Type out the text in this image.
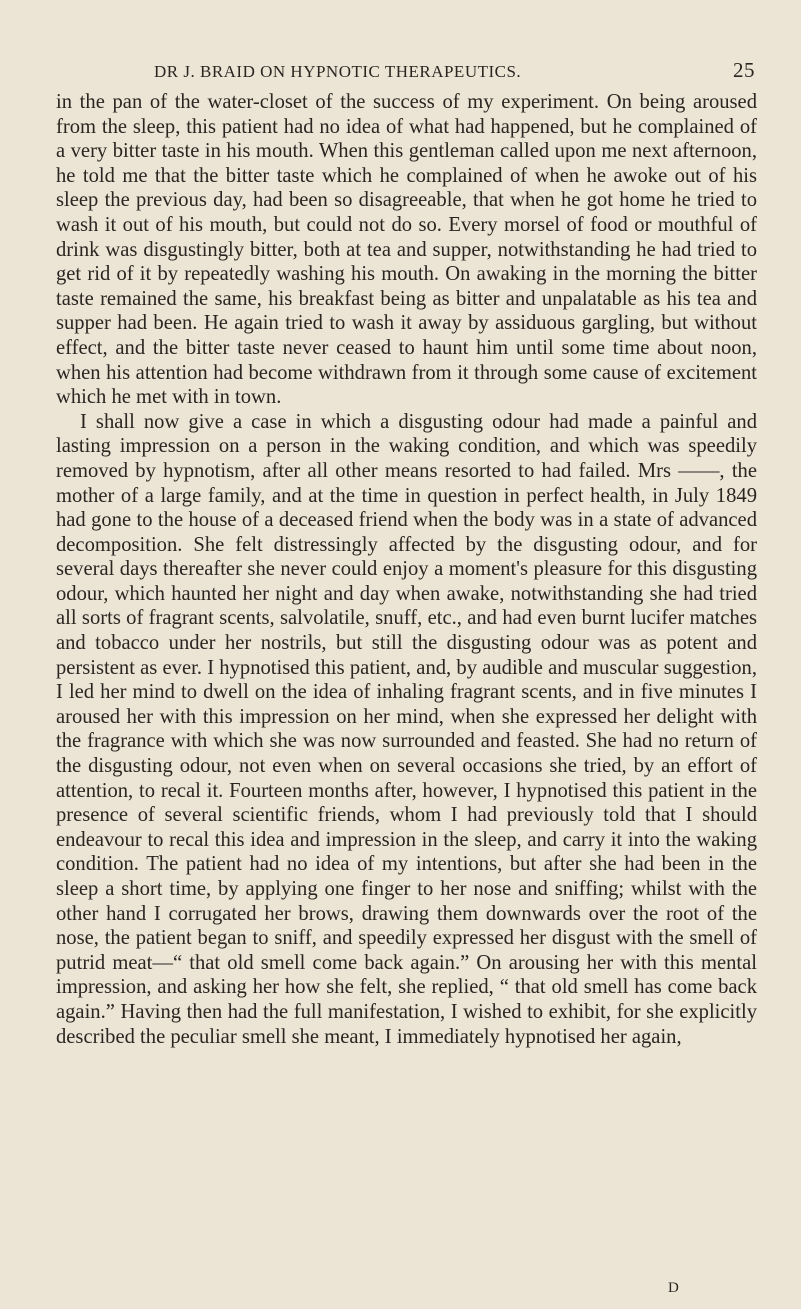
DR J. BRAID ON HYPNOTIC THERAPEUTICS.	25

in the pan of the water-closet of the success of my experiment. On being aroused from the sleep, this patient had no idea of what had happened, but he complained of a very bitter taste in his mouth. When this gentleman called upon me next afternoon, he told me that the bitter taste which he complained of when he awoke out of his sleep the previous day, had been so disagreeable, that when he got home he tried to wash it out of his mouth, but could not do so. Every morsel of food or mouthful of drink was disgustingly bitter, both at tea and supper, notwithstanding he had tried to get rid of it by repeatedly washing his mouth. On awaking in the morning the bitter taste remained the same, his breakfast being as bitter and unpalatable as his tea and supper had been. He again tried to wash it away by assiduous gargling, but without effect, and the bitter taste never ceased to haunt him until some time about noon, when his attention had become withdrawn from it through some cause of excitement which he met with in town.

I shall now give a case in which a disgusting odour had made a painful and lasting impression on a person in the waking condition, and which was speedily removed by hypnotism, after all other means resorted to had failed. Mrs ——, the mother of a large family, and at the time in question in perfect health, in July 1849 had gone to the house of a deceased friend when the body was in a state of advanced decomposition. She felt distressingly affected by the disgusting odour, and for several days thereafter she never could enjoy a moment's pleasure for this disgusting odour, which haunted her night and day when awake, notwithstanding she had tried all sorts of fragrant scents, salvolatile, snuff, etc., and had even burnt lucifer matches and tobacco under her nostrils, but still the disgusting odour was as potent and persistent as ever. I hypnotised this patient, and, by audible and muscular suggestion, I led her mind to dwell on the idea of inhaling fragrant scents, and in five minutes I aroused her with this impression on her mind, when she expressed her delight with the fragrance with which she was now surrounded and feasted. She had no return of the disgusting odour, not even when on several occasions she tried, by an effort of attention, to recal it. Fourteen months after, however, I hypnotised this patient in the presence of several scientific friends, whom I had previously told that I should endeavour to recal this idea and impression in the sleep, and carry it into the waking condition. The patient had no idea of my intentions, but after she had been in the sleep a short time, by applying one finger to her nose and sniffing; whilst with the other hand I corrugated her brows, drawing them downwards over the root of the nose, the patient began to sniff, and speedily expressed her disgust with the smell of putrid meat—“ that old smell come back again.” On arousing her with this mental impression, and asking her how she felt, she replied, “ that old smell has come back again.” Having then had the full manifestation, I wished to exhibit, for she explicitly described the peculiar smell she meant, I immediately hypnotised her again,

D
